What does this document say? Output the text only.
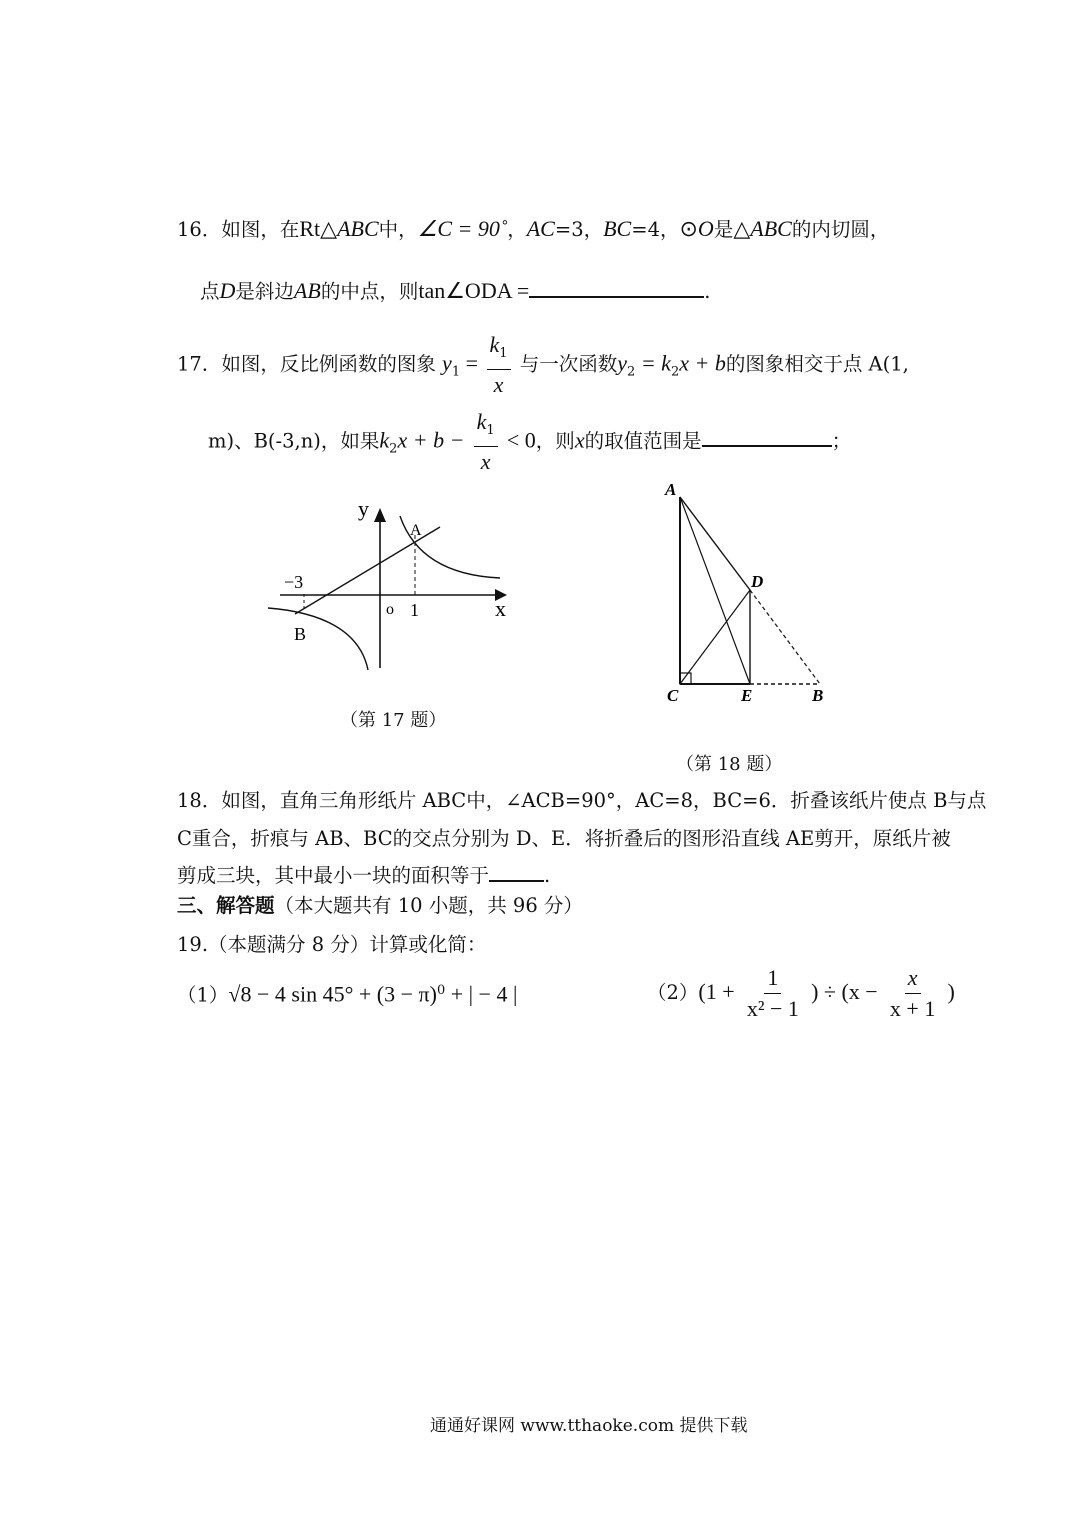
16．如图，在Rt△ABC中，∠C = 90˚，AC=3，BC=4，⊙O是△ABC的内切圆，
点D是斜边AB的中点，则tan∠ODA =	.
17．如图，反比例函数的图象 $y_1 = \frac{k_1}{x}$ 与一次函数$y_2 = k_2x + b$的图象相交于点 A(1,
m)、B(-3,n)，如果$k_2x + b - \frac{k_1}{x} < 0$，则x的取值范围是	；
y
x
o 1
−3
A
B
（第 17 题）
A
D
C	E	B
（第 18 题）
18．如图，直角三角形纸片 ABC中，∠ACB=90°，AC=8，BC=6．折叠该纸片使点 B与点
C重合，折痕与 AB、BC的交点分别为 D、E．将折叠后的图形沿直线 AE剪开，原纸片被
剪成三块，其中最小一块的面积等于	.
三、解答题（本大题共有 10 小题，共 96 分）
19.（本题满分 8 分）计算或化简：
（1）√8 − 4 $\sin 45^\circ + (3 - \pi)^0$ + | − 4 |	$(2)(1 + \frac{1}{\text{x² − 1}}$ ) ÷ ($x - \frac{x}{x + 1}$ )
通通好课网 www.tthaoke.com 提供下载
